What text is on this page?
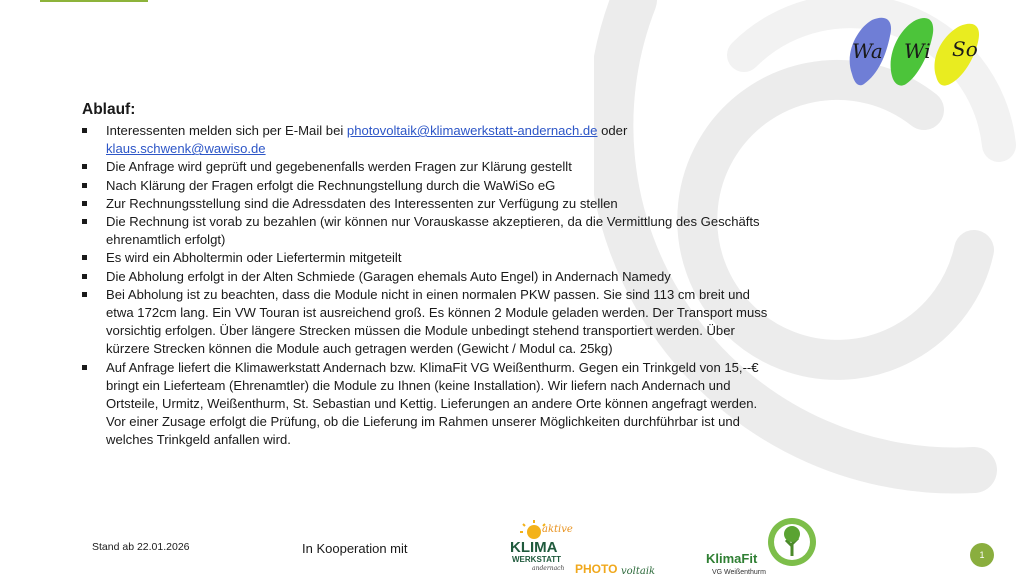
Wa Wi So
Ablauf:
Interessenten melden sich per E-Mail bei photovoltaik@klimawerkstatt-andernach.de oder klaus.schwenk@wawiso.de
Die Anfrage wird geprüft und gegebenenfalls werden Fragen zur Klärung gestellt
Nach Klärung der Fragen erfolgt die Rechnungstellung durch die WaWiSo eG
Zur Rechnungsstellung sind die Adressdaten des Interessenten zur Verfügung zu stellen
Die Rechnung ist vorab zu bezahlen (wir können nur Vorauskasse akzeptieren, da die Vermittlung des Geschäfts ehrenamtlich erfolgt)
Es wird ein Abholtermin oder Liefertermin mitgeteilt
Die Abholung erfolgt in der Alten Schmiede (Garagen ehemals Auto Engel) in Andernach Namedy
Bei Abholung ist zu beachten, dass die Module nicht in einen normalen PKW passen. Sie sind 113 cm breit und etwa 172cm lang. Ein VW Touran ist ausreichend groß. Es können 2 Module geladen werden. Der Transport muss vorsichtig erfolgen. Über längere Strecken müssen die Module unbedingt stehend transportiert werden. Über kürzere Strecken können die Module auch getragen werden (Gewicht / Modul ca. 25kg)
Auf Anfrage liefert die Klimawerkstatt Andernach bzw. KlimaFit VG Weißenthurm. Gegen ein Trinkgeld von 15,--€ bringt ein Lieferteam (Ehrenamtler) die Module zu Ihnen (keine Installation). Wir liefern nach Andernach und Ortsteile, Urmitz, Weißenthurm, St. Sebastian und Kettig. Lieferungen an andere Orte können angefragt werden. Vor einer Zusage erfolgt die Prüfung, ob die Lieferung im Rahmen unserer Möglichkeiten durchführbar ist und welches Trinkgeld anfallen wird.
Stand ab 22.01.2026	In Kooperation mit
aktive
KLIMA
WERKSTATT
andernach PHOTO voltaik
KlimaFit
VG Weißenthurm
1
